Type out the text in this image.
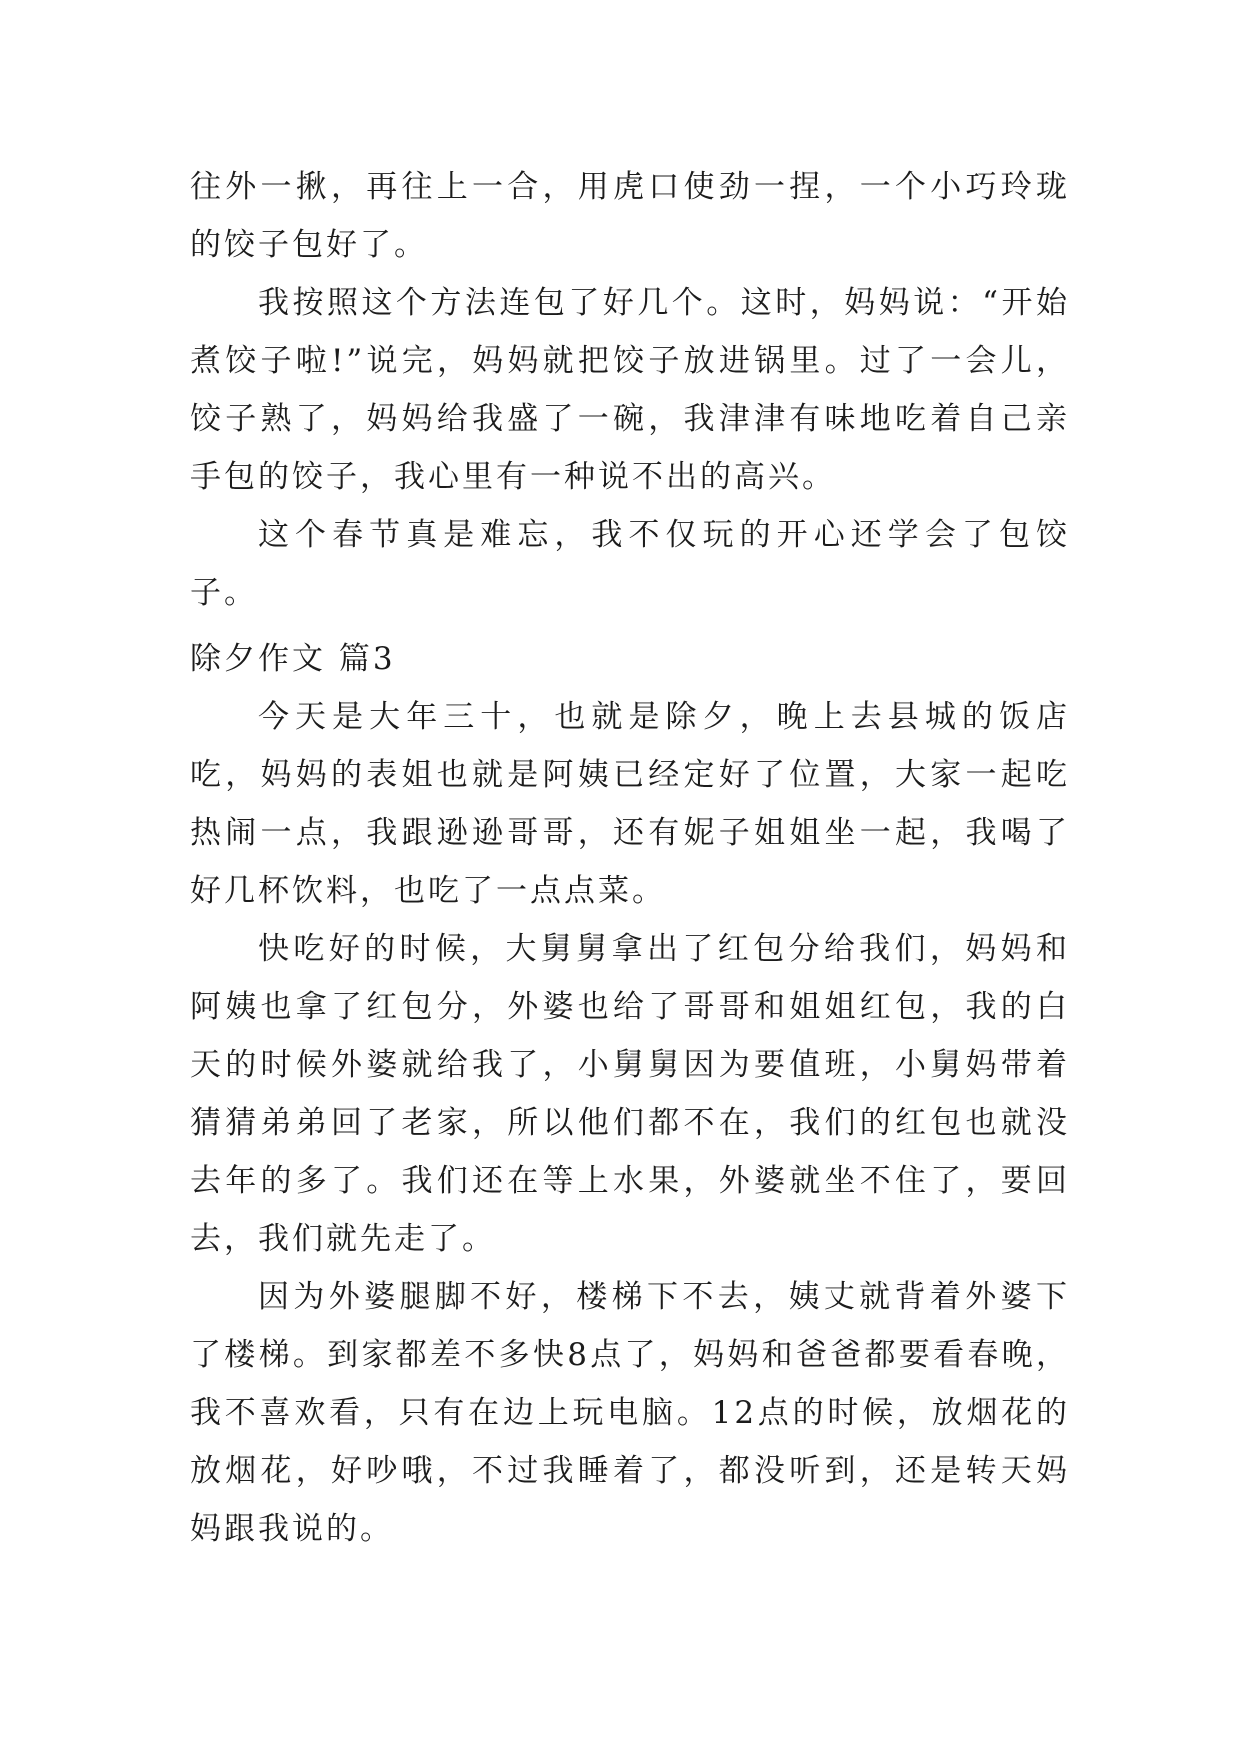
往外一揪，再往上一合，用虎口使劲一捏，一个小巧玲珑的饺子包好了。

我按照这个方法连包了好几个。这时，妈妈说：“开始煮饺子啦!”说完，妈妈就把饺子放进锅里。过了一会儿，饺子熟了，妈妈给我盛了一碗，我津津有味地吃着自己亲手包的饺子，我心里有一种说不出的高兴。

这个春节真是难忘，我不仅玩的开心还学会了包饺子。

除夕作文 篇3

今天是大年三十，也就是除夕，晚上去县城的饭店吃，妈妈的表姐也就是阿姨已经定好了位置，大家一起吃热闹一点，我跟逊逊哥哥，还有妮子姐姐坐一起，我喝了好几杯饮料，也吃了一点点菜。

快吃好的时候，大舅舅拿出了红包分给我们，妈妈和阿姨也拿了红包分，外婆也给了哥哥和姐姐红包，我的白天的时候外婆就给我了，小舅舅因为要值班，小舅妈带着猜猜弟弟回了老家，所以他们都不在，我们的红包也就没去年的多了。我们还在等上水果，外婆就坐不住了，要回去，我们就先走了。

因为外婆腿脚不好，楼梯下不去，姨丈就背着外婆下了楼梯。到家都差不多快8点了，妈妈和爸爸都要看春晚，我不喜欢看，只有在边上玩电脑。12点的时候，放烟花的放烟花，好吵哦，不过我睡着了，都没听到，还是转天妈妈跟我说的。
